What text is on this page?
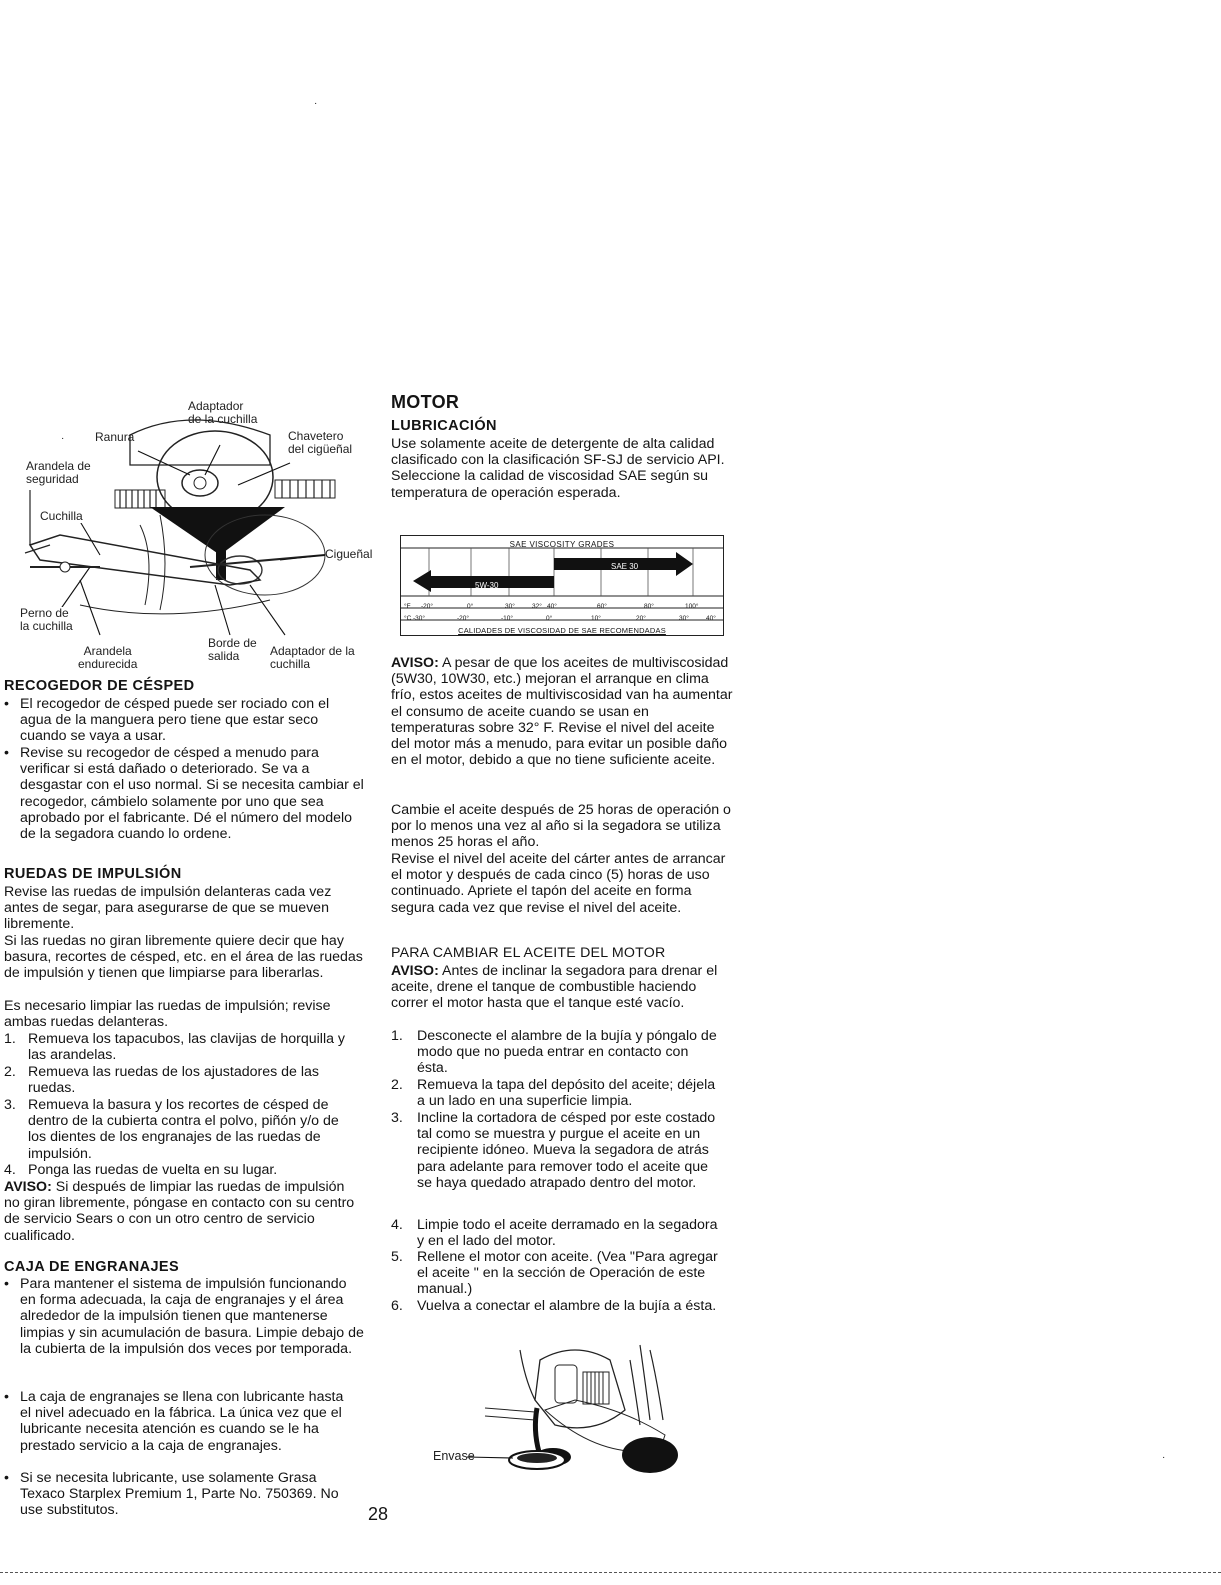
Adaptador
de la cuchilla
Ranura	Chavetero
del cigüeñal
Arandela de
seguridad
Cuchilla
Cigueñal
Perno de
la cuchilla
Borde de
salida
Arandela
endurecida
Adaptador de la
cuchilla
RECOGEDOR DE CÉSPED
• El recogedor de césped puede ser rociado con el agua de la manguera pero tiene que estar seco cuando se vaya a usar.
• Revise su recogedor de césped a menudo para verificar si está dañado o deteriorado. Se va a desgastar con el uso normal. Si se necesita cambiar el recogedor, cámbielo solamente por uno que sea aprobado por el fabricante. Dé el número del modelo de la segadora cuando lo ordene.
RUEDAS DE IMPULSIÓN

Revise las ruedas de impulsión delanteras cada vez antes de segar, para asegurarse de que se mueven libremente.

Si las ruedas no giran libremente quiere decir que hay basura, recortes de césped, etc. en el área de las ruedas de impulsión y tienen que limpiarse para liberarlas.

Es necesario limpiar las ruedas de impulsión; revise ambas ruedas delanteras.

1. Remueva los tapacubos, las clavijas de horquilla y las arandelas.
2. Remueva las ruedas de los ajustadores de las ruedas.
3. Remueva la basura y los recortes de césped de dentro de la cubierta contra el polvo, piñón y/o de los dientes de los engranajes de las ruedas de impulsión.
4. Ponga las ruedas de vuelta en su lugar.

AVISO: Si después de limpiar las ruedas de impulsión no giran libremente, póngase en contacto con su centro de servicio Sears o con un otro centro de servicio cualificado.

CAJA DE ENGRANAJES
• Para mantener el sistema de impulsión funcionando en forma adecuada, la caja de engranajes y el área alrededor de la impulsión tienen que mantenerse limpias y sin acumulación de basura. Limpie debajo de la cubierta de la impulsión dos veces por temporada.
• La caja de engranajes se llena con lubricante hasta el nivel adecuado en la fábrica. La única vez que el lubricante necesita atención es cuando se le ha prestado servicio a la caja de engranajes.
• Si se necesita lubricante, use solamente Grasa Texaco Starplex Premium 1, Parte No. 750369. No use substitutos.	28
MOTOR
LUBRICACIÓN

Use solamente aceite de detergente de alta calidad clasificado con la clasificación SF-SJ de servicio API. Seleccione la calidad de viscosidad SAE según su temperatura de operación esperada.

SAE VISCOSITY GRADES
5W-30
SAE 30
°F -20°	0°	30°	32° 40°	60°	80°	100°
°C -30°	-20°	-10°	0°	10°	20°	30°	40°
CALIDADES DE VISCOSIDAD DE SAE RECOMENDADAS

AVISO: A pesar de que los aceites de multiviscosidad (5W30, 10W30, etc.) mejoran el arranque en clima frío, estos aceites de multiviscosidad van ha aumentar el consumo de aceite cuando se usan en temperaturas sobre 32° F. Revise el nivel del aceite del motor más a menudo, para evitar un posible daño en el motor, debido a que no tiene suficiente aceite.

Cambie el aceite después de 25 horas de operación o por lo menos una vez al año si la segadora se utiliza menos 25 horas el año.

Revise el nivel del aceite del cárter antes de arrancar el motor y después de cada cinco (5) horas de uso continuado. Apriete el tapón del aceite en forma segura cada vez que revise el nivel del aceite.

PARA CAMBIAR EL ACEITE DEL MOTOR

AVISO: Antes de inclinar la segadora para drenar el aceite, drene el tanque de combustible haciendo correr el motor hasta que el tanque esté vacío.

1. Desconecte el alambre de la bujía y póngalo de modo que no pueda entrar en contacto con ésta.
2. Remueva la tapa del depósito del aceite; déjela a un lado en una superficie limpia.
3. Incline la cortadora de césped por este costado tal como se muestra y purgue el aceite en un recipiente idóneo. Mueva la segadora de atrás para adelante para remover todo el aceite que se haya quedado atrapado dentro del motor.
4. Limpie todo el aceite derramado en la segadora y en el lado del motor.
5. Rellene el motor con aceite. (Vea "Para agregar el aceite " en la sección de Operación de este manual.)
6. Vuelva a conectar el alambre de la bujía a ésta.
Envase
·
·
·
